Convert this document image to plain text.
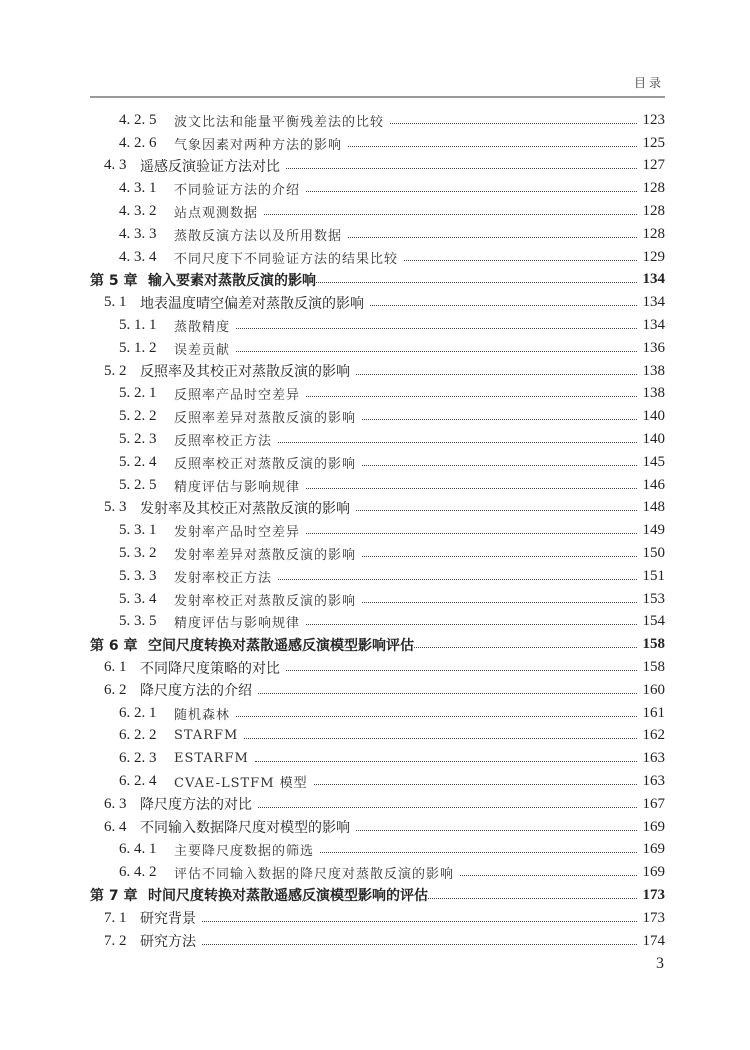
目录
4. 2. 5	波文比法和能量平衡残差法的比较	123
4. 2. 6	气象因素对两种方法的影响	125
4. 3 遥感反演验证方法对比	127
4. 3. 1	不同验证方法的介绍	128
4. 3. 2	站点观测数据	128
4. 3. 3	蒸散反演方法以及所用数据	128
4. 3. 4	不同尺度下不同验证方法的结果比较	129
第 5 章 输入要素对蒸散反演的影响	134
5. 1 地表温度晴空偏差对蒸散反演的影响	134
5. 1. 1	蒸散精度	134
5. 1. 2	误差贡献	136
5. 2 反照率及其校正对蒸散反演的影响	138
5. 2. 1	反照率产品时空差异	138
5. 2. 2	反照率差异对蒸散反演的影响	140
5. 2. 3	反照率校正方法	140
5. 2. 4	反照率校正对蒸散反演的影响	145
5. 2. 5	精度评估与影响规律	146
5. 3 发射率及其校正对蒸散反演的影响	148
5. 3. 1	发射率产品时空差异	149
5. 3. 2	发射率差异对蒸散反演的影响	150
5. 3. 3	发射率校正方法	151
5. 3. 4	发射率校正对蒸散反演的影响	153
5. 3. 5	精度评估与影响规律	154
第 6 章 空间尺度转换对蒸散遥感反演模型影响评估	158
6. 1 不同降尺度策略的对比	158
6. 2 降尺度方法的介绍	160
6. 2. 1	随机森林	161
6. 2. 2	STARFM	162
6. 2. 3	ESTARFM	163
6. 2. 4	CVAE-LSTFM 模型	163
6. 3 降尺度方法的对比	167
6. 4 不同输入数据降尺度对模型的影响	169
6. 4. 1	主要降尺度数据的筛选	169
6. 4. 2	评估不同输入数据的降尺度对蒸散反演的影响	169
第 7 章 时间尺度转换对蒸散遥感反演模型影响的评估	173
7. 1 研究背景	173
7. 2 研究方法	174
3
